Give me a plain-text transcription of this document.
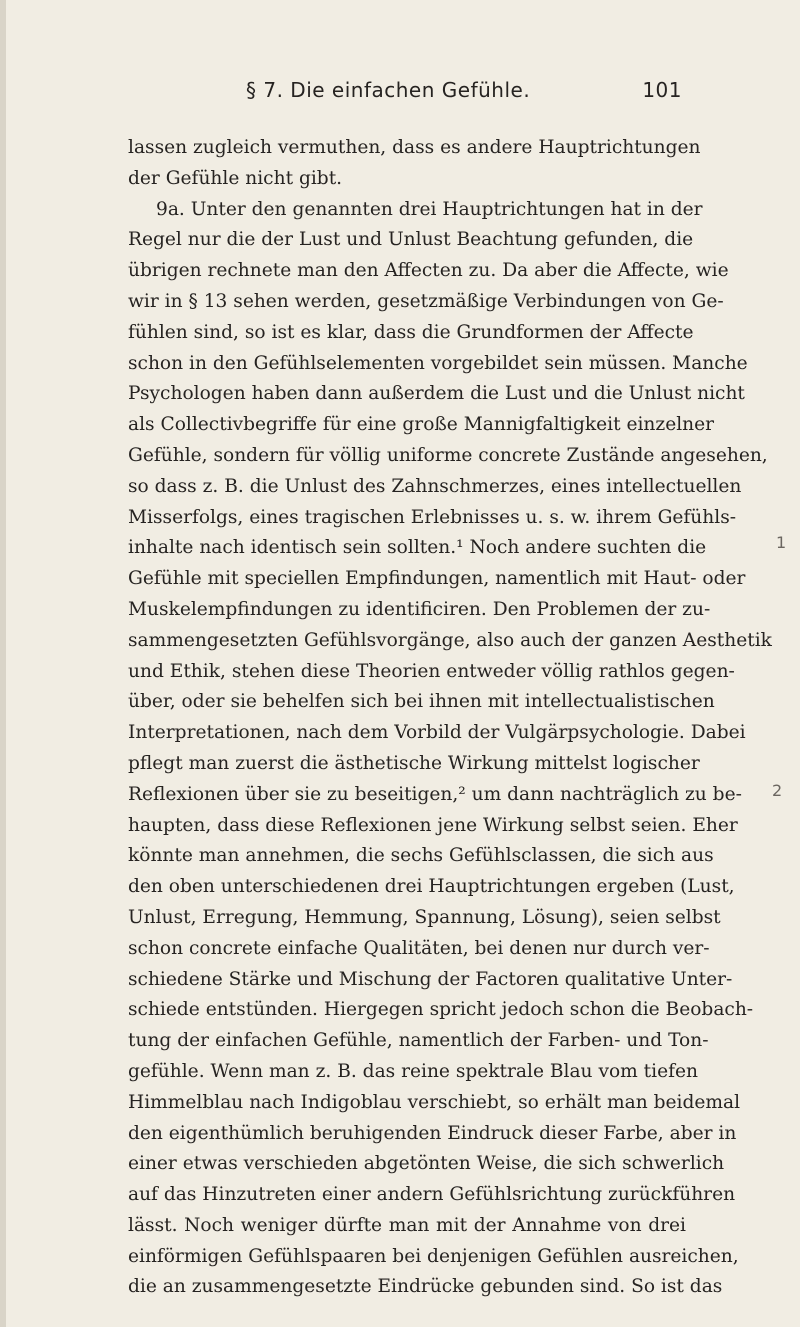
§ 7. Die einfachen Gefühle.	101
lassen zugleich vermuthen, dass es andere Hauptrichtungen
der Gefühle nicht gibt.
9a. Unter den genannten drei Hauptrichtungen hat in der
Regel nur die der Lust und Unlust Beachtung gefunden, die
übrigen rechnete man den Affecten zu. Da aber die Affecte, wie
wir in § 13 sehen werden, gesetzmäßige Verbindungen von Ge-
fühlen sind, so ist es klar, dass die Grundformen der Affecte
schon in den Gefühlselementen vorgebildet sein müssen. Manche
Psychologen haben dann außerdem die Lust und die Unlust nicht
als Collectivbegriffe für eine große Mannigfaltigkeit einzelner
Gefühle, sondern für völlig uniforme concrete Zustände angesehen,
so dass z. B. die Unlust des Zahnschmerzes, eines intellectuellen
Misserfolgs, eines tragischen Erlebnisses u. s. w. ihrem Gefühls-
inhalte nach identisch sein sollten.¹ Noch andere suchten die
Gefühle mit speciellen Empfindungen, namentlich mit Haut- oder
Muskelempfindungen zu identificiren. Den Problemen der zu-
sammengesetzten Gefühlsvorgänge, also auch der ganzen Aesthetik
und Ethik, stehen diese Theorien entweder völlig rathlos gegen-
über, oder sie behelfen sich bei ihnen mit intellectualistischen
Interpretationen, nach dem Vorbild der Vulgärpsychologie. Dabei
pflegt man zuerst die ästhetische Wirkung mittelst logischer
Reflexionen über sie zu beseitigen,² um dann nachträglich zu be-
haupten, dass diese Reflexionen jene Wirkung selbst seien. Eher
könnte man annehmen, die sechs Gefühlsclassen, die sich aus
den oben unterschiedenen drei Hauptrichtungen ergeben (Lust,
Unlust, Erregung, Hemmung, Spannung, Lösung), seien selbst
schon concrete einfache Qualitäten, bei denen nur durch ver-
schiedene Stärke und Mischung der Factoren qualitative Unter-
schiede entstünden. Hiergegen spricht jedoch schon die Beobach-
tung der einfachen Gefühle, namentlich der Farben- und Ton-
gefühle. Wenn man z. B. das reine spektrale Blau vom tiefen
Himmelblau nach Indigoblau verschiebt, so erhält man beidemal
den eigenthümlich beruhigenden Eindruck dieser Farbe, aber in
einer etwas verschieden abgetönten Weise, die sich schwerlich
auf das Hinzutreten einer andern Gefühlsrichtung zurückführen
lässt. Noch weniger dürfte man mit der Annahme von drei
einförmigen Gefühlspaaren bei denjenigen Gefühlen ausreichen,
die an zusammengesetzte Eindrücke gebunden sind. So ist das
1
2
